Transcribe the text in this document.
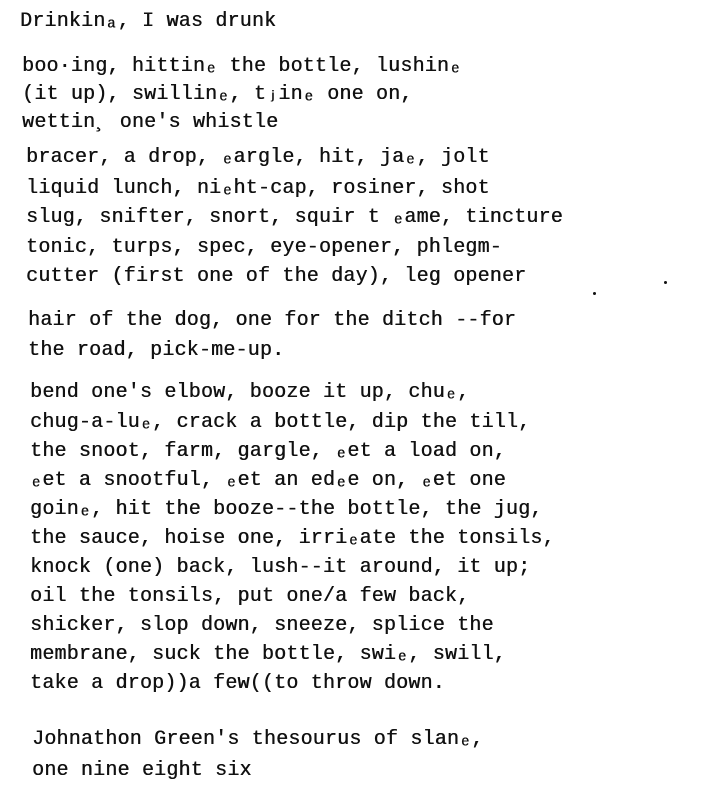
Drinkinₐ, I was drunk
boo·ing, hittinₑ the bottle, lushinₑ
(it up), swillinₑ, tⱼinₑ one on,
wettin¸ one's whistle
bracer, a drop, ₑargle, hit, jaₑ, jolt
liquid lunch, niₑht-cap, rosiner, shot
slug, snifter, snort, squir t ₑame, tincture
tonic, turps, spec, eye-opener, phlegm-
cutter (first one of the day), leg opener
hair of the dog, one for the ditch --for
the road, pick-me-up.
bend one's elbow, booze it up, chuₑ,
chug-a-luₑ, crack a bottle, dip the till,
the snoot, farm, gargle, ₑet a load on,
ₑet a snootful, ₑet an edₑe on, ₑet one
goinₑ, hit the booze--the bottle, the jug,
the sauce, hoise one, irriₑate the tonsils,
knock (one) back, lush--it around, it up;
oil the tonsils, put one/a few back,
shicker, slop down, sneeze, splice the
membrane, suck the bottle, swiₑ, swill,
take a drop))a few((to throw down.
Johnathon Green's thesourus of slanₑ,
one nine eight six
